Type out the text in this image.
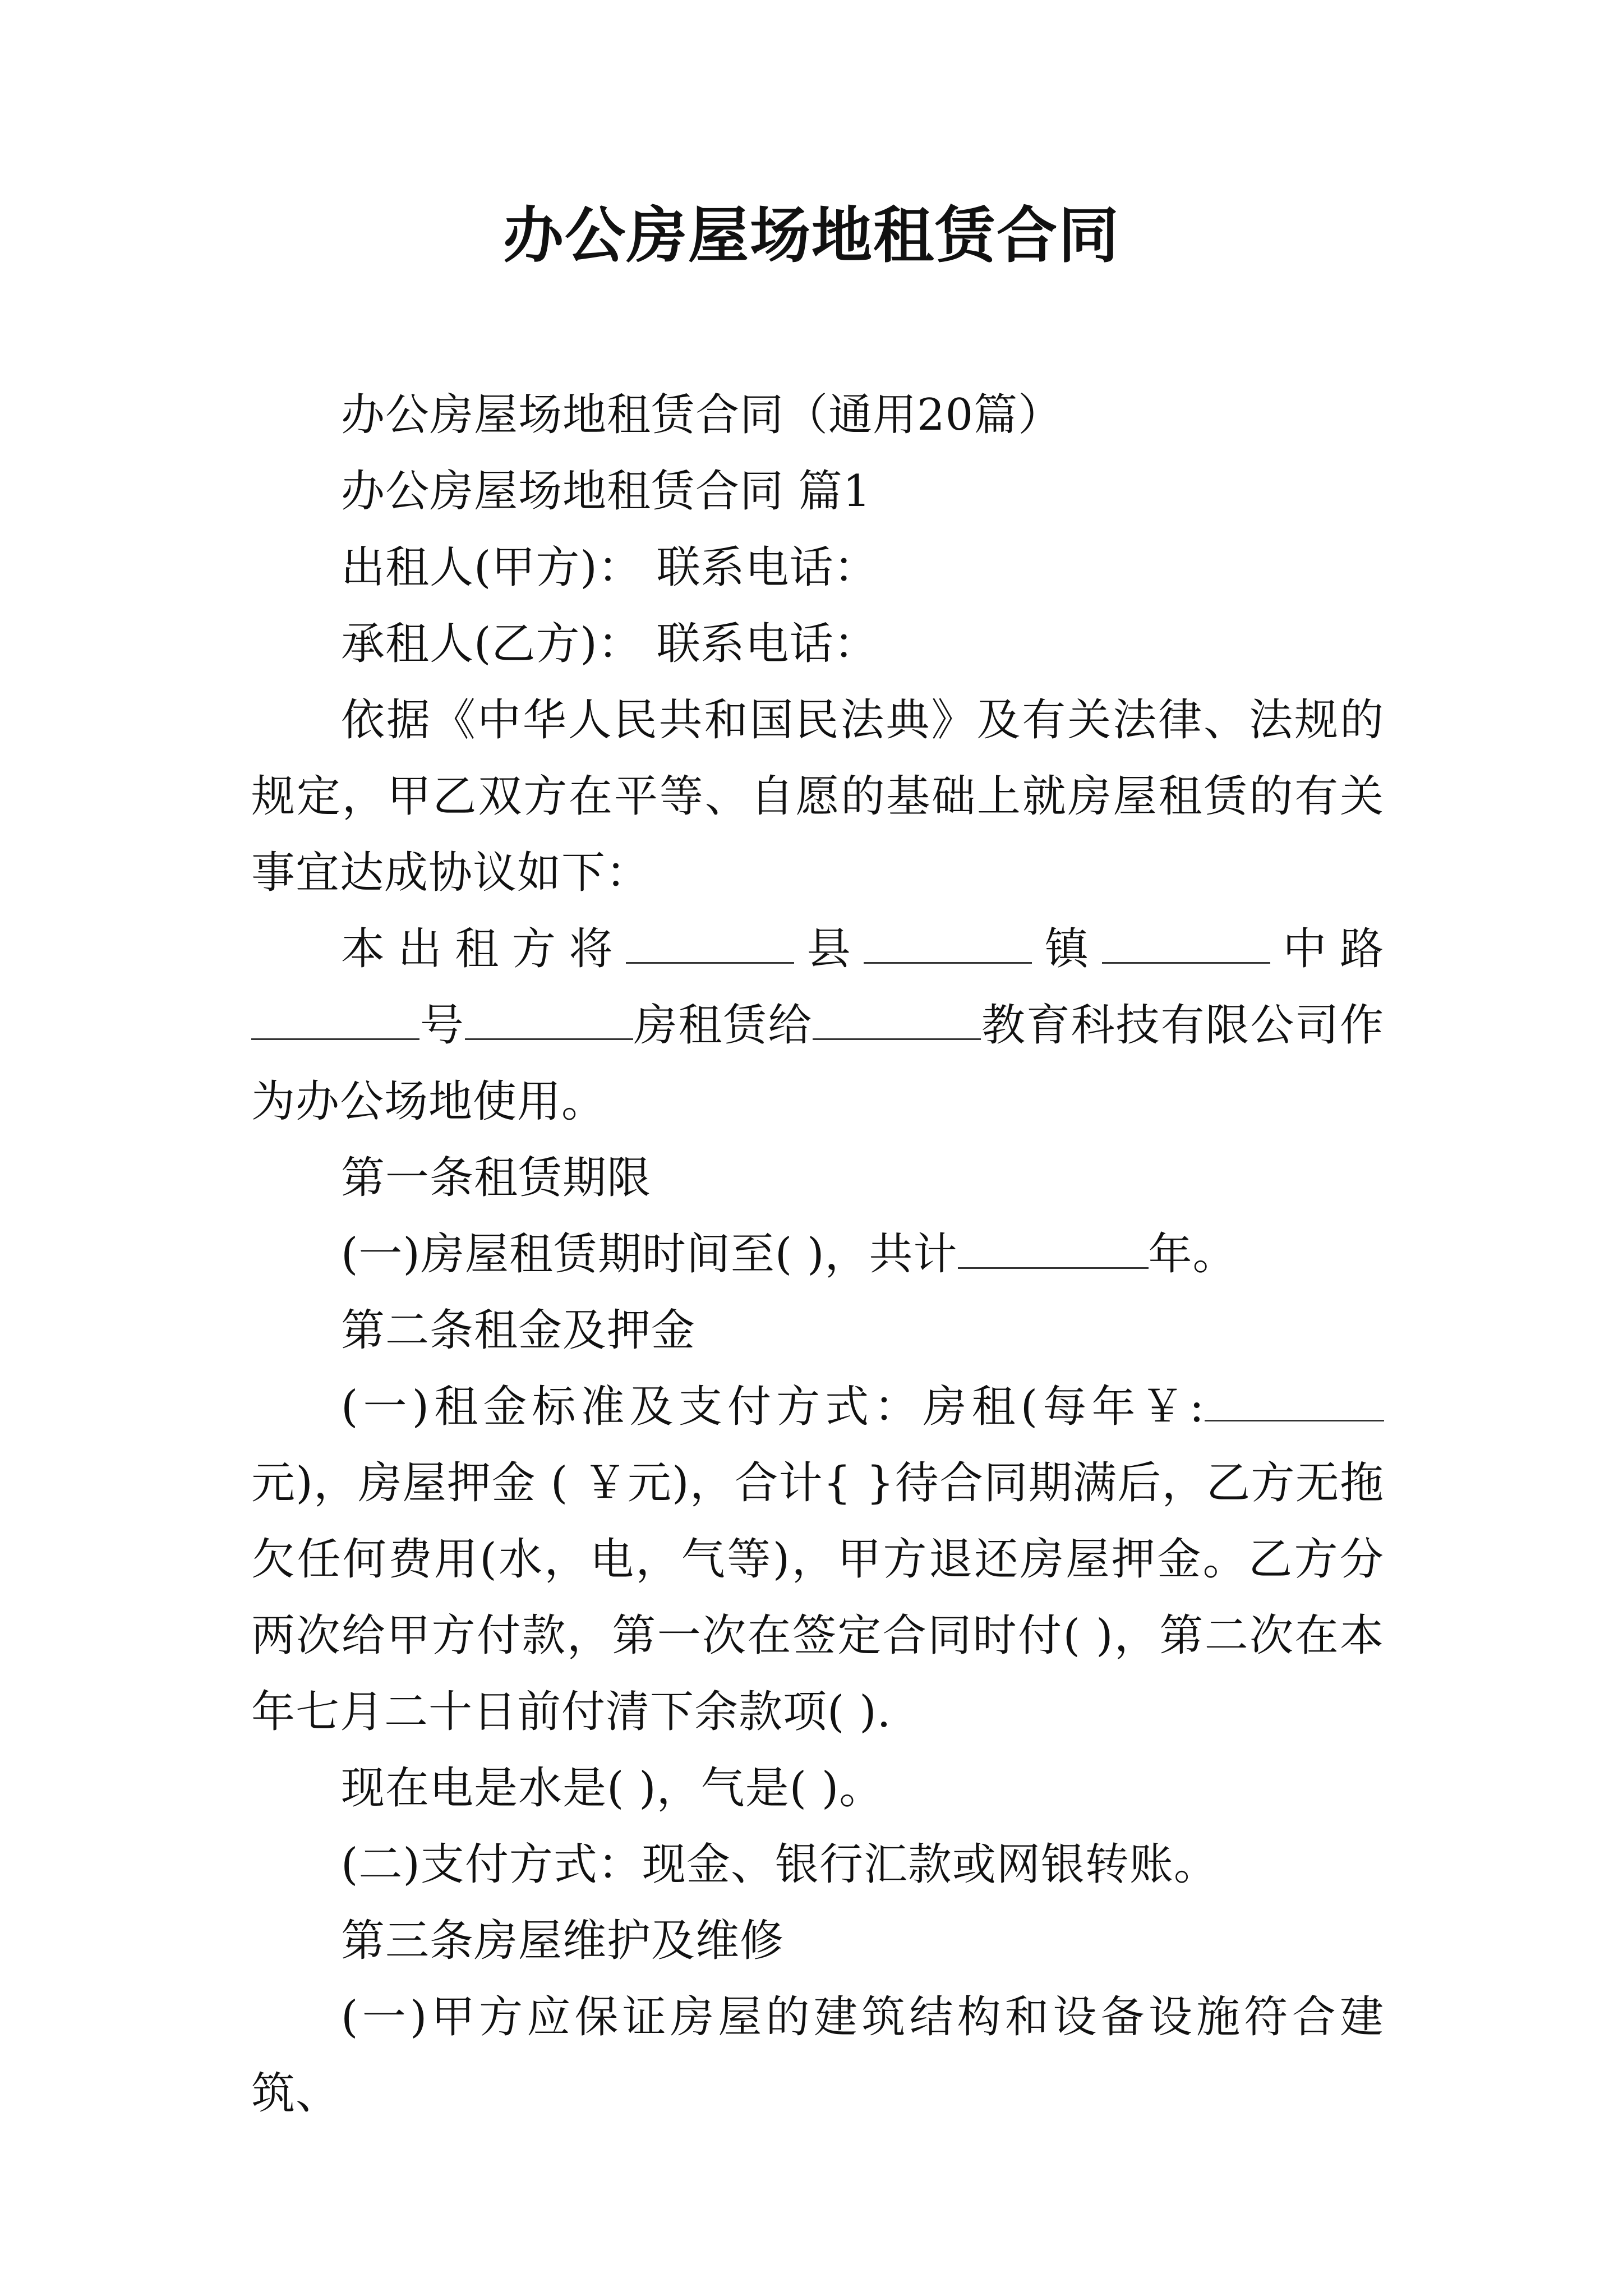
办公房屋场地租赁合同

办公房屋场地租赁合同（通用20篇）

办公房屋场地租赁合同 篇1

出租人(甲方)： 联系电话：

承租人(乙方)： 联系电话：

依据《中华人民共和国民法典》及有关法律、法规的规定，甲乙双方在平等、自愿的基础上就房屋租赁的有关事宜达成协议如下：

本出租方将	县	镇	中路号	房租赁给	教育科技有限公司作为办公场地使用。

第一条租赁期限

(一)房屋租赁期时间至( )，共计	年。

第二条租金及押金

(一)租金标准及支付方式：房租(每年￥:元)，房屋押金 ( ￥元)，合计{ }待合同期满后，乙方无拖欠任何费用(水，电，气等)，甲方退还房屋押金。乙方分两次给甲方付款，第一次在签定合同时付( )，第二次在本年七月二十日前付清下余款项( ).

现在电是水是( )，气是( )。

(二)支付方式：现金、银行汇款或网银转账。

第三条房屋维护及维修

(一)甲方应保证房屋的建筑结构和设备设施符合建筑、
